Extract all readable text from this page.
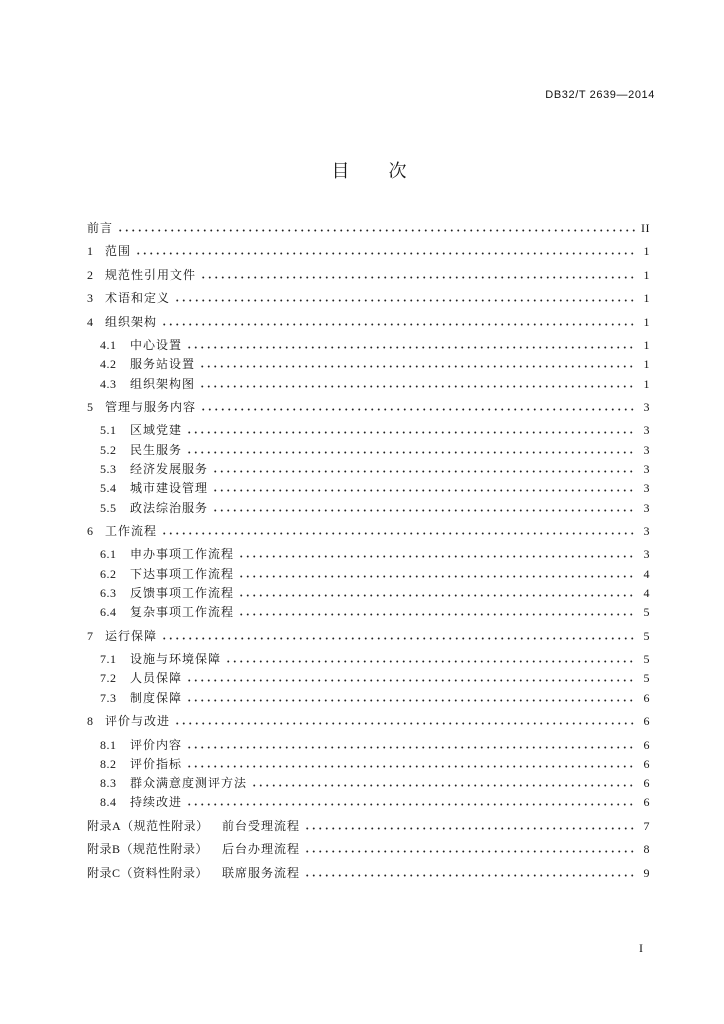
DB32/T 2639—2014
目　　次
前言	II
1 范围	1
2 规范性引用文件	1
3 术语和定义	1
4 组织架构	1
4.1	中心设置	1
4.2	服务站设置	1
4.3	组织架构图	1
5 管理与服务内容	3
5.1	区域党建	3
5.2	民生服务	3
5.3	经济发展服务	3
5.4	城市建设管理	3
5.5	政法综治服务	3
6 工作流程	3
6.1	申办事项工作流程	3
6.2	下达事项工作流程	4
6.3	反馈事项工作流程	4
6.4	复杂事项工作流程	5
7 运行保障	5
7.1	设施与环境保障	5
7.2	人员保障	5
7.3	制度保障	6
8 评价与改进	6
8.1	评价内容	6
8.2	评价指标	6
8.3	群众满意度测评方法	6
8.4	持续改进	6
附录A（规范性附录）	前台受理流程	7
附录B（规范性附录）	后台办理流程	8
附录C（资料性附录）	联席服务流程	9
I
